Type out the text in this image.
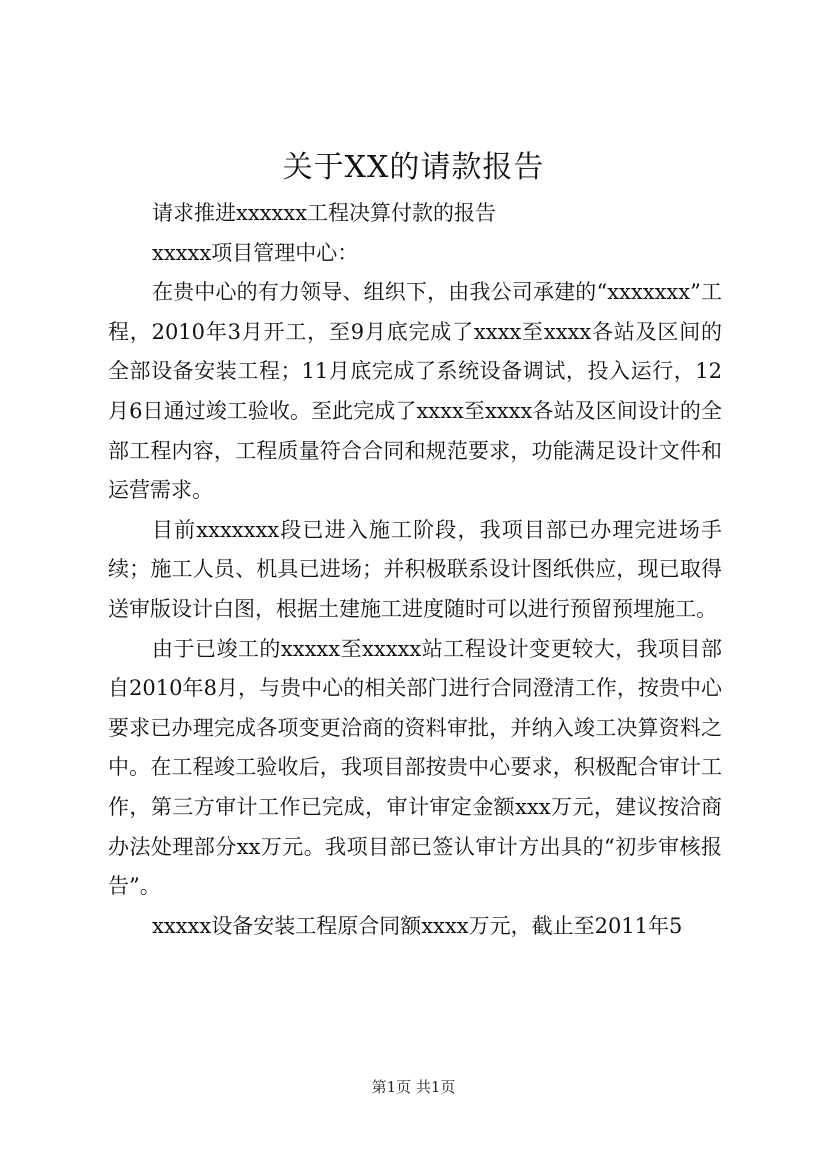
关于XX的请款报告

请求推进xxxxxx工程决算付款的报告

xxxxx项目管理中心：

在贵中心的有力领导、组织下，由我公司承建的“xxxxxxx”工程，2010年3月开工，至9月底完成了xxxx至xxxx各站及区间的全部设备安装工程；11月底完成了系统设备调试，投入运行，12月6日通过竣工验收。至此完成了xxxx至xxxx各站及区间设计的全部工程内容，工程质量符合合同和规范要求，功能满足设计文件和运营需求。

目前xxxxxxx段已进入施工阶段，我项目部已办理完进场手续；施工人员、机具已进场；并积极联系设计图纸供应，现已取得送审版设计白图，根据土建施工进度随时可以进行预留预埋施工。

由于已竣工的xxxxx至xxxxx站工程设计变更较大，我项目部自2010年8月，与贵中心的相关部门进行合同澄清工作，按贵中心要求已办理完成各项变更洽商的资料审批，并纳入竣工决算资料之中。在工程竣工验收后，我项目部按贵中心要求，积极配合审计工作，第三方审计工作已完成，审计审定金额xxx万元，建议按洽商办法处理部分xx万元。我项目部已签认审计方出具的“初步审核报告”。

xxxxx设备安装工程原合同额xxxx万元，截止至2011年5

第1页 共1页
